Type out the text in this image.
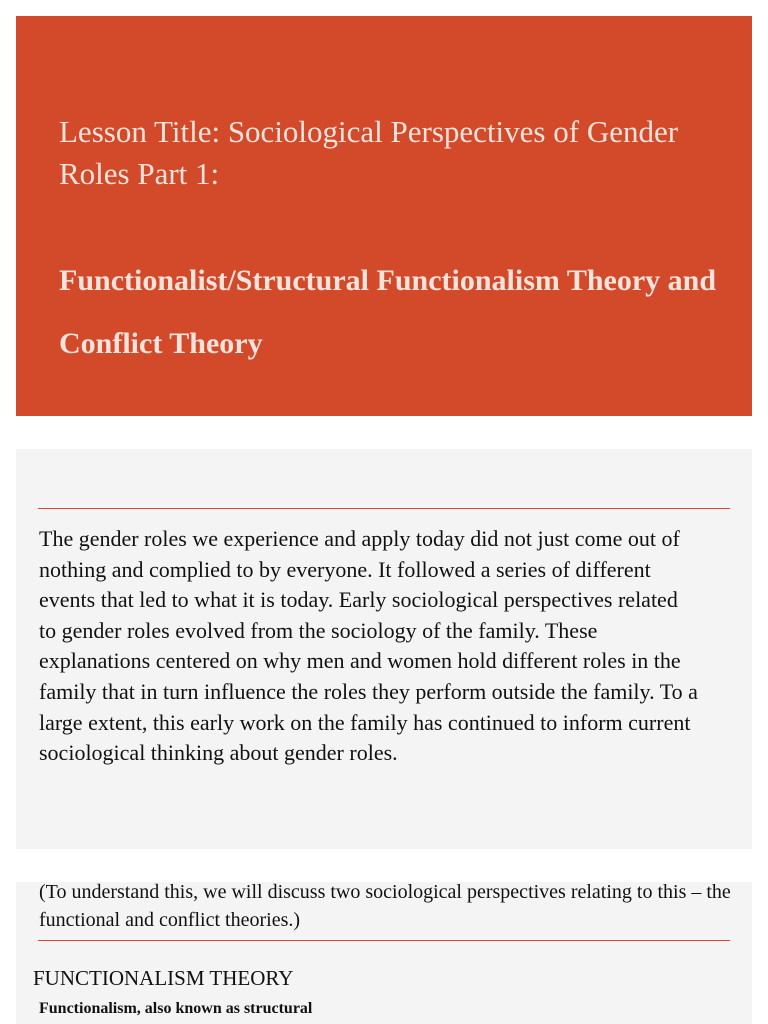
Lesson Title: Sociological Perspectives of Gender Roles Part 1:
Functionalist/Structural Functionalism Theory and Conflict Theory

The gender roles we experience and apply today did not just come out of nothing and complied to by everyone. It followed a series of different events that led to what it is today. Early sociological perspectives related to gender roles evolved from the sociology of the family. These explanations centered on why men and women hold different roles in the family that in turn influence the roles they perform outside the family. To a large extent, this early work on the family has continued to inform current sociological thinking about gender roles.

(To understand this, we will discuss two sociological perspectives relating to this – the functional and conflict theories.)

FUNCTIONALISM THEORY

Functionalism, also known as structural
